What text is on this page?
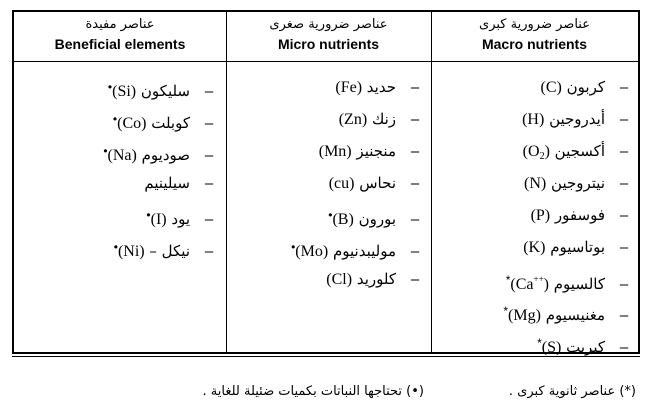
عناصر مفيدة
Beneficial elements
عناصر ضرورية صغرى
Micro nutrients
عناصر ضرورية كبرى
Macro nutrients
–سليكون (Si)•
–كوبلت (Co)•
–صوديوم (Na)•
–سيلينيم
–يود (I)•
–نيكل – (Ni)•
–حديد (Fe)
–زنك (Zn)
–منجنيز (Mn)
–نحاس (cu)
–بورون (B)•
–موليبدنيوم (Mo)•
–كلوريد (Cl)
–كربون (C)
–أيدروجين (H)
–أكسجين $(O_2)$
–نيتروجين (N)
–فوسفور (P)
–بوتاسيوم (K)
–كالسيوم (Ca++)*
–مغنيسيوم (Mg)*
–كبريت (S)*
(*) عناصر ثانوية كبرى .
(•) تحتاجها النباتات بكميات ضئيلة للغاية .
